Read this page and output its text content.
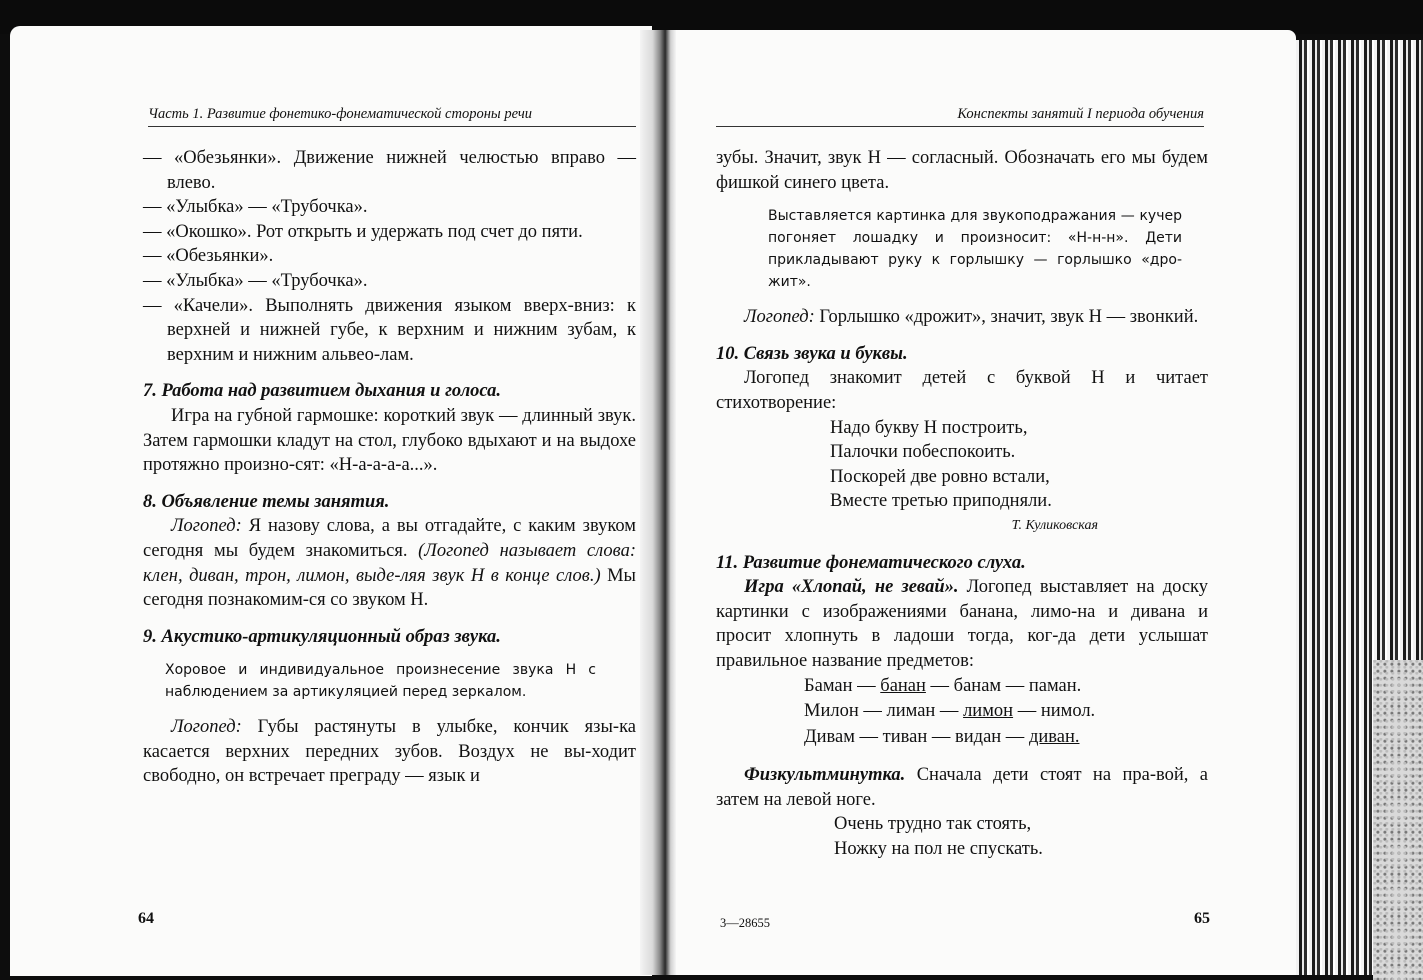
Часть 1. Развитие фонетико-фонематической стороны речи

— «Обезьянки». Движение нижней челюстью вправо — влево.

— «Улыбка» — «Трубочка».

— «Окошко». Рот открыть и удержать под счет до пяти.

— «Обезьянки».

— «Улыбка» — «Трубочка».

— «Качели». Выполнять движения языком вверх-вниз: к верхней и нижней губе, к верхним и нижним зубам, к верхним и нижним альвео-лам.

7. Работа над развитием дыхания и голоса.

Игра на губной гармошке: короткий звук — длинный звук. Затем гармошки кладут на стол, глубоко вдыхают и на выдохе протяжно произно-сят: «Н-а-а-а-а...».

8. Объявление темы занятия.

Логопед: Я назову слова, а вы отгадайте, с каким звуком сегодня мы будем знакомиться. (Логопед называет слова: клен, диван, трон, лимон, выде-ляя звук Н в конце слов.) Мы сегодня познакомим-ся со звуком Н.

9. Акустико-артикуляционный образ звука.

Хоровое и индивидуальное произнесение звука Н с наблюдением за артикуляцией перед зеркалом.

Логопед: Губы растянуты в улыбке, кончик язы-ка касается верхних передних зубов. Воздух не вы-ходит свободно, он встречает преграду — язык и

64
Конспекты занятий I периода обучения

зубы. Значит, звук Н — согласный. Обозначать его мы будем фишкой синего цвета.

Выставляется картинка для звукоподражания — кучер погоняет лошадку и произносит: «Н-н-н». Дети прикладывают руку к горлышку — горлышко «дро-жит».

Логопед: Горлышко «дрожит», значит, звук Н — звонкий.

10. Связь звука и буквы.

Логопед знакомит детей с буквой Н и читает стихотворение:

Надо букву Н построить,
Палочки побеспокоить.
Поскорей две ровно встали,
Вместе третью приподняли.
Т. Куликовская

11. Развитие фонематического слуха.

Игра «Хлопай, не зевай». Логопед выставляет на доску картинки с изображениями банана, лимо-на и дивана и просит хлопнуть в ладоши тогда, ког-да дети услышат правильное название предметов:

Баман — банан — банам — паман.
Милон — лиман — лимон — нимол.
Дивам — тиван — видан — диван.

Физкультминутка. Сначала дети стоят на пра-вой, а затем на левой ноге.

Очень трудно так стоять,
Ножку на пол не спускать.
3—28655	65
